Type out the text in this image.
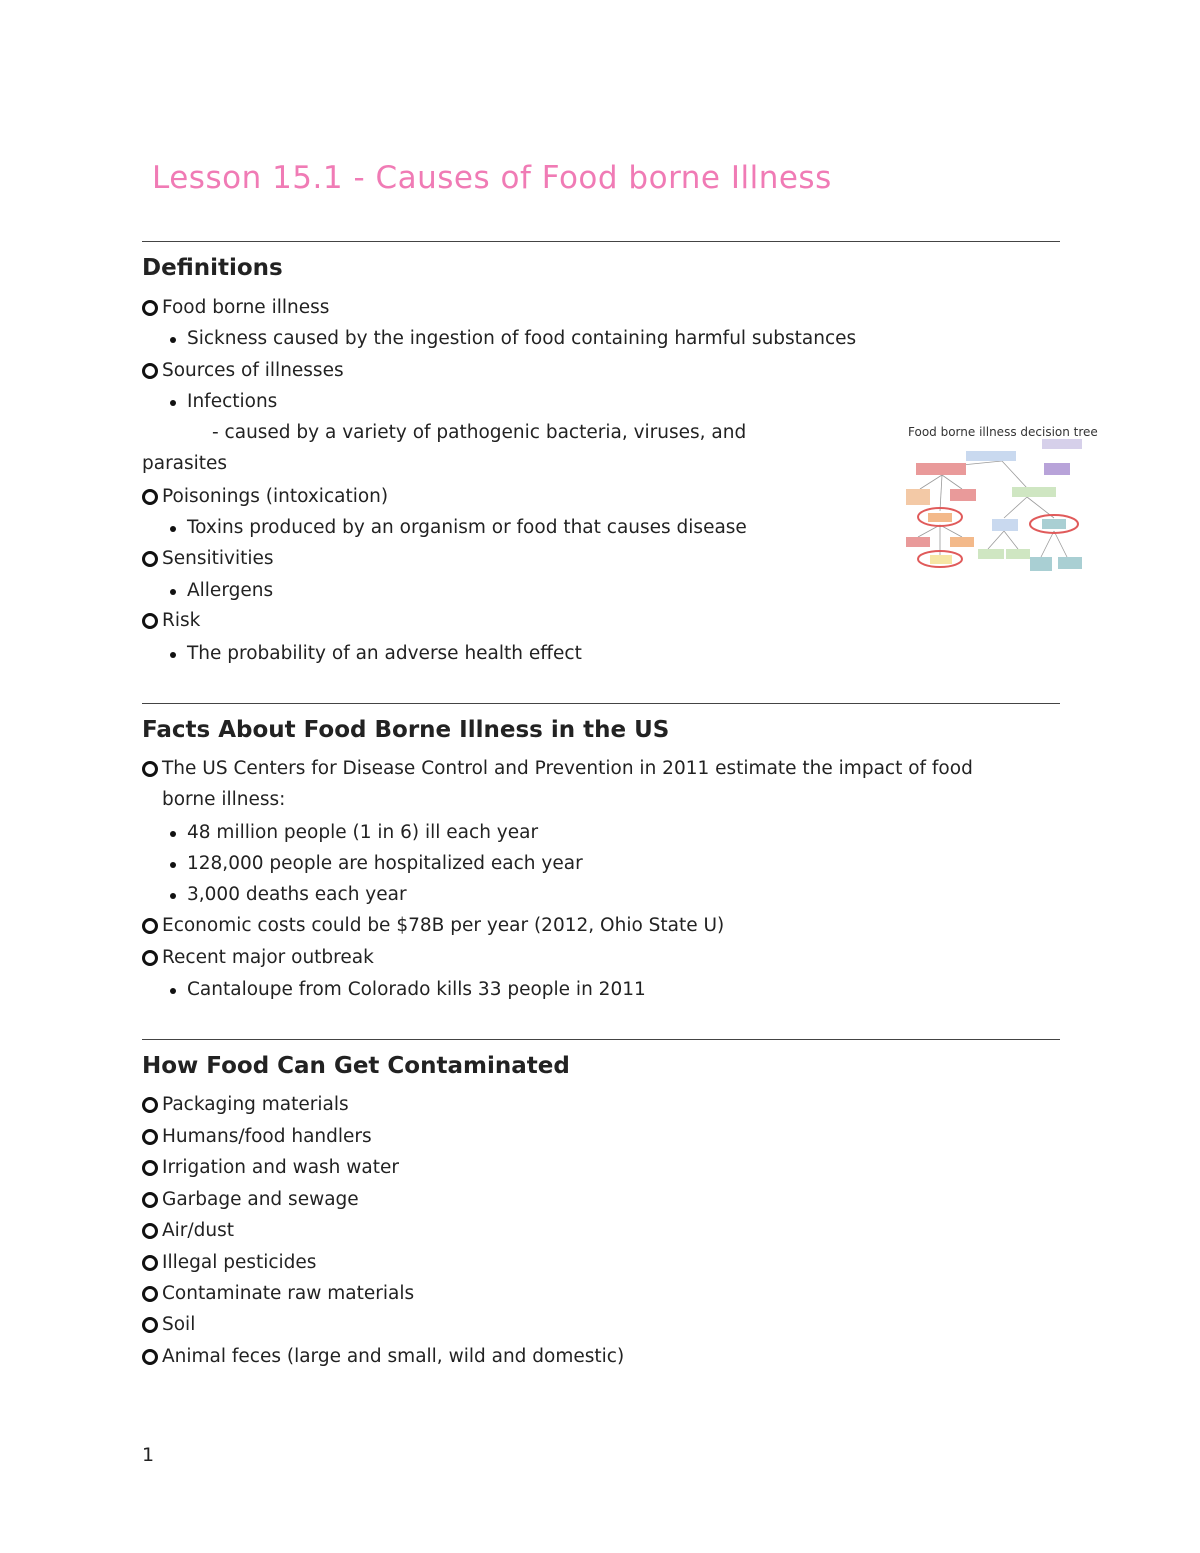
Lesson 15.1 - Causes of Food borne Illness
Definitions
Food borne illness
Sickness caused by the ingestion of food containing harmful substances
Sources of illnesses
Infections
- caused by a variety of pathogenic bacteria, viruses, and
parasites
Poisonings (intoxication)
Toxins produced by an organism or food that causes disease
Sensitivities
Allergens
Risk
The probability of an adverse health effect
Food borne illness decision tree
Facts About Food Borne Illness in the US
The US Centers for Disease Control and Prevention in 2011 estimate the impact of food
borne illness:
48 million people (1 in 6) ill each year
128,000 people are hospitalized each year
3,000 deaths each year
Economic costs could be $78B per year (2012, Ohio State U)
Recent major outbreak
Cantaloupe from Colorado kills 33 people in 2011
How Food Can Get Contaminated
Packaging materials
Humans/food handlers
Irrigation and wash water
Garbage and sewage
Air/dust
Illegal pesticides
Contaminate raw materials
Soil
Animal feces (large and small, wild and domestic)
1
